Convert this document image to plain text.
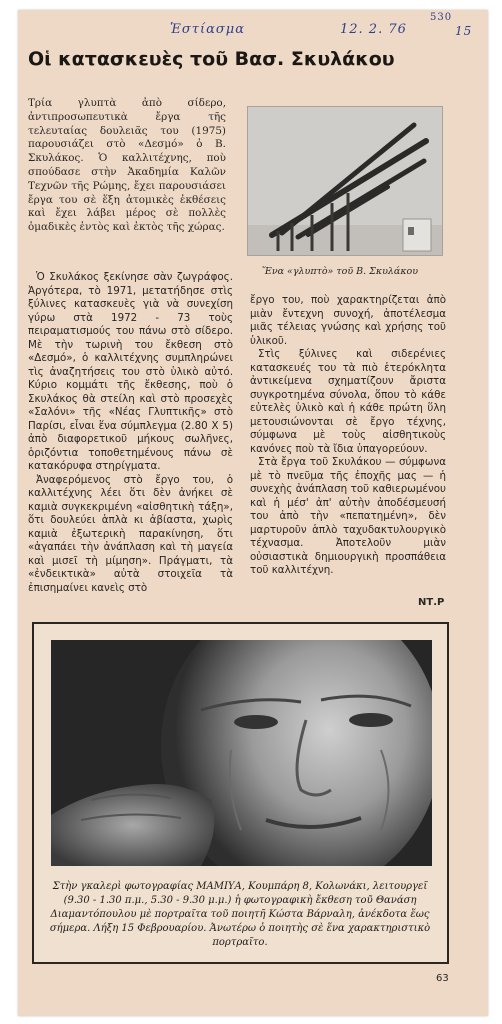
Ἑστίασμα	12. 2. 76
530
15
Οἱ κατασκευὲς τοῦ Βασ. Σκυλάκου
Τρία γλυπτὰ ἀπὸ σίδερο, ἀντιπροσωπευτικὰ ἔργα τῆς τελευταίας δουλειᾶς του (1975) παρουσιάζει στὸ «Δεσμό» ὁ Β. Σκυλάκος. Ὁ καλλιτέχνης, ποὺ σπούδασε στὴν Ἀκαδημία Καλῶν Τεχνῶν τῆς Ρώμης, ἔχει παρουσιάσει ἔργα του σὲ ἕξη ἀτομικὲς ἐκθέσεις καὶ ἔχει λάβει μέρος σὲ πολλὲς ὁμαδικὲς ἐντὸς καὶ ἐκτὸς τῆς χώρας.
Ἕνα «γλυπτὸ» τοῦ Β. Σκυλάκου

Ὁ Σκυλάκος ξεκίνησε σὰν ζωγράφος. Ἀργότερα, τὸ 1971, μετατήδησε στὶς ξύλινες κατασκευὲς γιὰ νὰ συνεχίση γύρω στὰ 1972 - 73 τοὺς πειραματισμούς του πάνω στὸ σίδερο. Μὲ τὴν τωρινὴ του ἔκθεση στὸ «Δεσμό», ὁ καλλιτέχνης συμπληρώνει τὶς ἀναζητήσεις του στὸ ὑλικὸ αὐτό. Κύριο κομμάτι τῆς ἔκθεσης, ποὺ ὁ Σκυλάκος θὰ στείλη καὶ στὸ προσεχὲς «Σαλόνι» τῆς «Νέας Γλυπτικῆς» στὸ Παρίσι, εἶναι ἕνα σύμπλεγμα (2.80 Χ 5) ἀπὸ διαφορετικοῦ μήκους σωλῆνες, ὁριζόντια τοποθετημένους πάνω σὲ κατακόρυφα στηρίγματα.

Ἀναφερόμενος στὸ ἔργο του, ὁ καλλιτέχνης λέει ὅτι δὲν ἀνήκει σὲ καμιὰ συγκεκριμένη «αἰσθητικὴ τάξη», ὅτι δουλεύει ἁπλὰ κι ἀβίαστα, χωρὶς καμιὰ ἐξωτερικὴ παρακίνηση, ὅτι «ἀγαπάει τὴν ἀνάπλαση καὶ τὴ μαγεία καὶ μισεῖ τὴ μίμηση». Πράγματι, τὰ «ἐνδεικτικὰ» αὐτὰ στοιχεῖα τὰ ἐπισημαίνει κανεὶς στὸ

ἔργο του, ποὺ χαρακτηρίζεται ἀπὸ μιὰν ἔντεχνη συνοχή, ἀποτέλεσμα μιᾶς τέλειας γνώσης καὶ χρήσης τοῦ ὑλικοῦ.

Στὶς ξύλινες καὶ σιδερένιες κατασκευές του τὰ πιὸ ἑτερόκλητα ἀντικείμενα σχηματίζουν ἄριστα συγκροτημένα σύνολα, ὅπου τὸ κάθε εὐτελὲς ὑλικὸ καὶ ἡ κάθε πρώτη ὕλη μετουσιώνονται σὲ ἔργο τέχνης, σύμφωνα μὲ τοὺς αἰσθητικοὺς κανόνες ποὺ τὰ ἴδια ὑπαγορεύουν.

Στὰ ἔργα τοῦ Σκυλάκου — σύμφωνα μὲ τὸ πνεῦμα τῆς ἐποχῆς μας — ἡ συνεχὴς ἀνάπλαση τοῦ καθιερωμένου καὶ ἡ μέσ' ἀπ' αὐτὴν ἀποδέσμευσή του ἀπὸ τὴν «πεπατημένη», δὲν μαρτυροῦν ἁπλὸ ταχυδακτυλουργικὸ τέχνασμα. Ἀποτελοῦν μιὰν οὐσιαστικὰ δημιουργικὴ προσπάθεια τοῦ καλλιτέχνη.

ΝΤ.Ρ
Στὴν γκαλερὶ φωτογραφίας ΜΑΜΙΥΑ, Κουμπάρη 8, Κολωνάκι, λειτουργεῖ (9.30 - 1.30 π.μ., 5.30 - 9.30 μ.μ.) ἡ φωτογραφικὴ ἔκθεση τοῦ Θανάση Διαμαντόπουλου μὲ πορτραῖτα τοῦ ποιητῆ Κώστα Βάρναλη, ἀνέκδοτα ἕως σήμερα. Λήξη 15 Φεβρουαρίου. Ἀνωτέρω ὁ ποιητὴς σὲ ἕνα χαρακτηριστικὸ πορτραῖτο.
63
